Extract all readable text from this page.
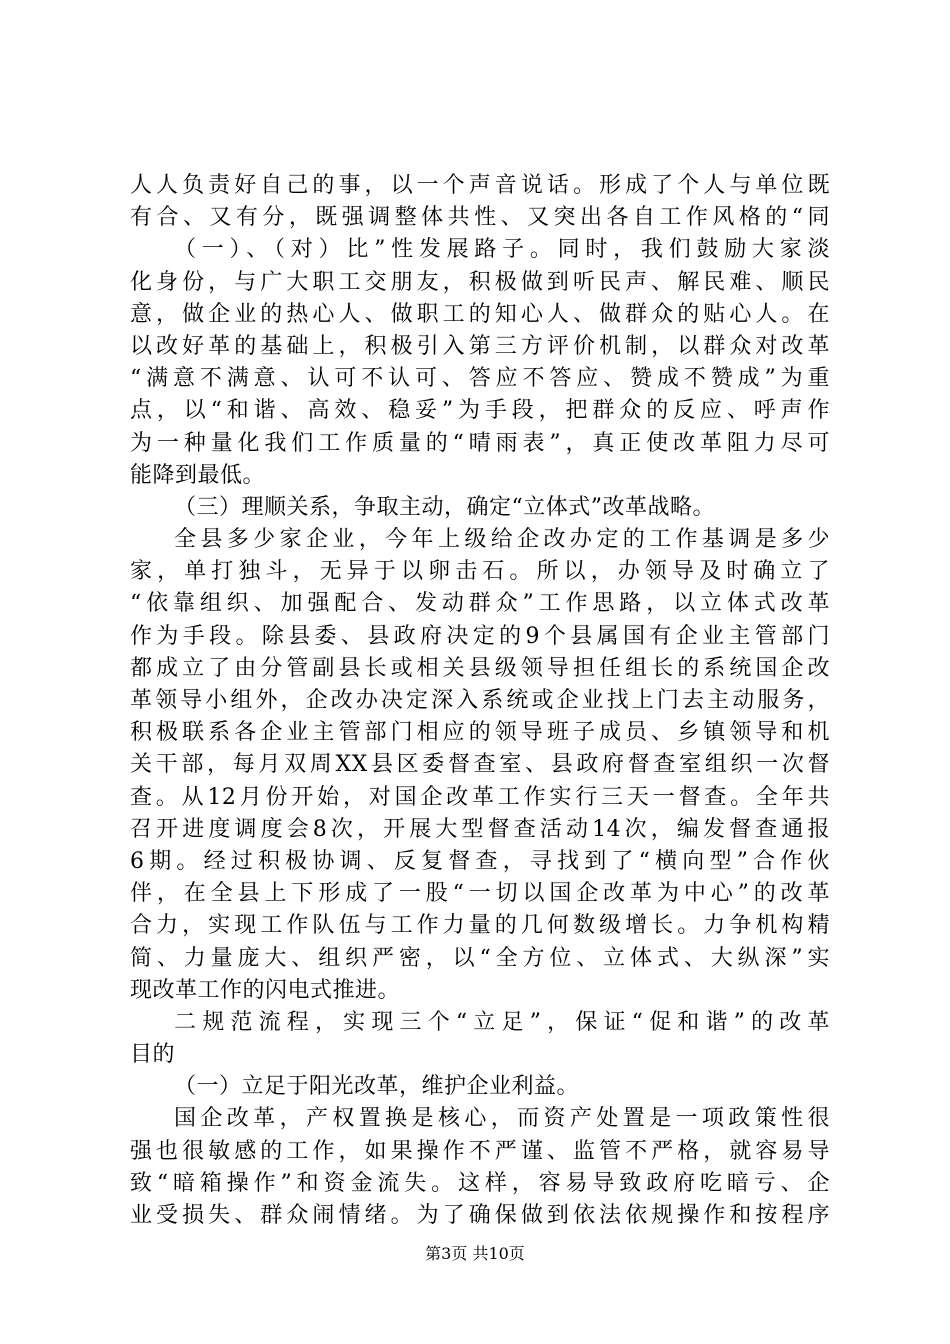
人人负责好自己的事，以一个声音说话。形成了个人与单位既
有合、又有分，既强调整体共性、又突出各自工作风格的“同
（一）、（对）比”性发展路子。同时，我们鼓励大家淡
化身份，与广大职工交朋友，积极做到听民声、解民难、顺民
意，做企业的热心人、做职工的知心人、做群众的贴心人。在
以改好革的基础上，积极引入第三方评价机制，以群众对改革
“满意不满意、认可不认可、答应不答应、赞成不赞成”为重
点，以“和谐、高效、稳妥”为手段，把群众的反应、呼声作
为一种量化我们工作质量的“晴雨表”，真正使改革阻力尽可
能降到最低。
（三）理顺关系，争取主动，确定“立体式”改革战略。
全县多少家企业，今年上级给企改办定的工作基调是多少
家，单打独斗，无异于以卵击石。所以，办领导及时确立了
“依靠组织、加强配合、发动群众”工作思路，以立体式改革
作为手段。除县委、县政府决定的9个县属国有企业主管部门
都成立了由分管副县长或相关县级领导担任组长的系统国企改
革领导小组外，企改办决定深入系统或企业找上门去主动服务，
积极联系各企业主管部门相应的领导班子成员、乡镇领导和机
关干部，每月双周XX县区委督查室、县政府督查室组织一次督
查。从12月份开始，对国企改革工作实行三天一督查。全年共
召开进度调度会8次，开展大型督查活动14次，编发督查通报
6期。经过积极协调、反复督查，寻找到了“横向型”合作伙
伴，在全县上下形成了一股“一切以国企改革为中心”的改革
合力，实现工作队伍与工作力量的几何数级增长。力争机构精
简、力量庞大、组织严密，以“全方位、立体式、大纵深”实
现改革工作的闪电式推进。
二规范流程，实现三个“立足”，保证“促和谐”的改革
目的
（一）立足于阳光改革，维护企业利益。
国企改革，产权置换是核心，而资产处置是一项政策性很
强也很敏感的工作，如果操作不严谨、监管不严格，就容易导
致“暗箱操作”和资金流失。这样，容易导致政府吃暗亏、企
业受损失、群众闹情绪。为了确保做到依法依规操作和按程序
第3页 共10页
